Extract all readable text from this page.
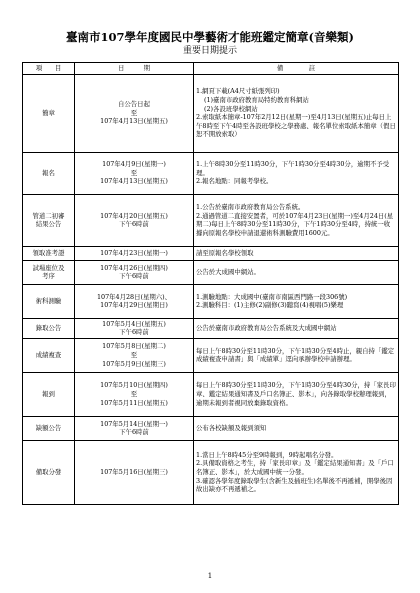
臺南市107學年度國民中學藝術才能班鑑定簡章(音樂類)
重要日期提示
項　　目	日　　　期	備　　　　註

簡章	自公告日起
至
107年4月13日(星期五)	1.網頁下載(A4尺寸紙張列印)
(1)臺南市政府教育局特約教育科網站
(2)各設班學校網站
2.索取紙本簡章-107年2月12日(星期一)至4月13日(星期五)止每日上午8時至下午4時至各設班學校之學務處、報名單位索取紙本簡章（假日恕不開放索取）

報名	107年4月9日(星期一)
至
107年4月13日(星期五)	1.上午8時30分至11時30分，下午1時30分至4時30分，逾期不予受理。
2.報名地點：同報考學校。

管道二初審
結果公告	107年4月20日(星期五)
下午6時前	1.公告於臺南市政府教育局公告系統。
2.通過管道二直接安置者，可於107年4月23日(星期一)至4月24日(星期二)每日上午8時30分至11時30分，下午1時30分至4時，持統一收據向原報名學校申請退還術科測驗費用1600元。

領取准考證	107年4月23日(星期一)	請至原報名學校領取

試場座位及
考序	107年4月26日(星期四)
下午6時前	公告於大成國中網站。

術科測驗	107年4月28日(星期六)、
107年4月29日(星期日)	1.測驗地點：大成國中(臺南市南區西門路一段306號)
2.測驗科目：(1)主修(2)副修(3)聽寫(4)視唱(5)樂理

錄取公告	107年5月4日(星期五)
下午6時前	公告於臺南市政府教育局公告系統及大成國中網站

成績複查	107年5月8日(星期二)
至
107年5月9日(星期三)	每日上午8時30分至11時30分，下午1時30分至4時止，親自持「鑑定成績複查申請書」與「成績單」逕向承辦學校申請辦理。

報到	107年5月10日(星期四)
至
107年5月11日(星期五)	每日上午8時30分至11時30分，下午1時30分至4時30分，持「家長印章、鑑定結果通知書及戶口名簿正、影本」，向各錄取學校辦理報到，逾期未報到者視同放棄錄取資格。

缺額公告	107年5月14日(星期一)
下午6時前	公布各校缺額及報到須知

備取分發	107年5月16日(星期三)	1.當日上午8時45分至9時報到，9時起唱名分發。
2.具備取資格之考生，持「家長印章」及「鑑定結果通知書」及「戶口名簿正、影本」，於大成國中統一分發。
3.確認各學年度錄取學生(含新生及插班生)名單後不再遞補，開學後因故出缺亦不再遞補之。
1
